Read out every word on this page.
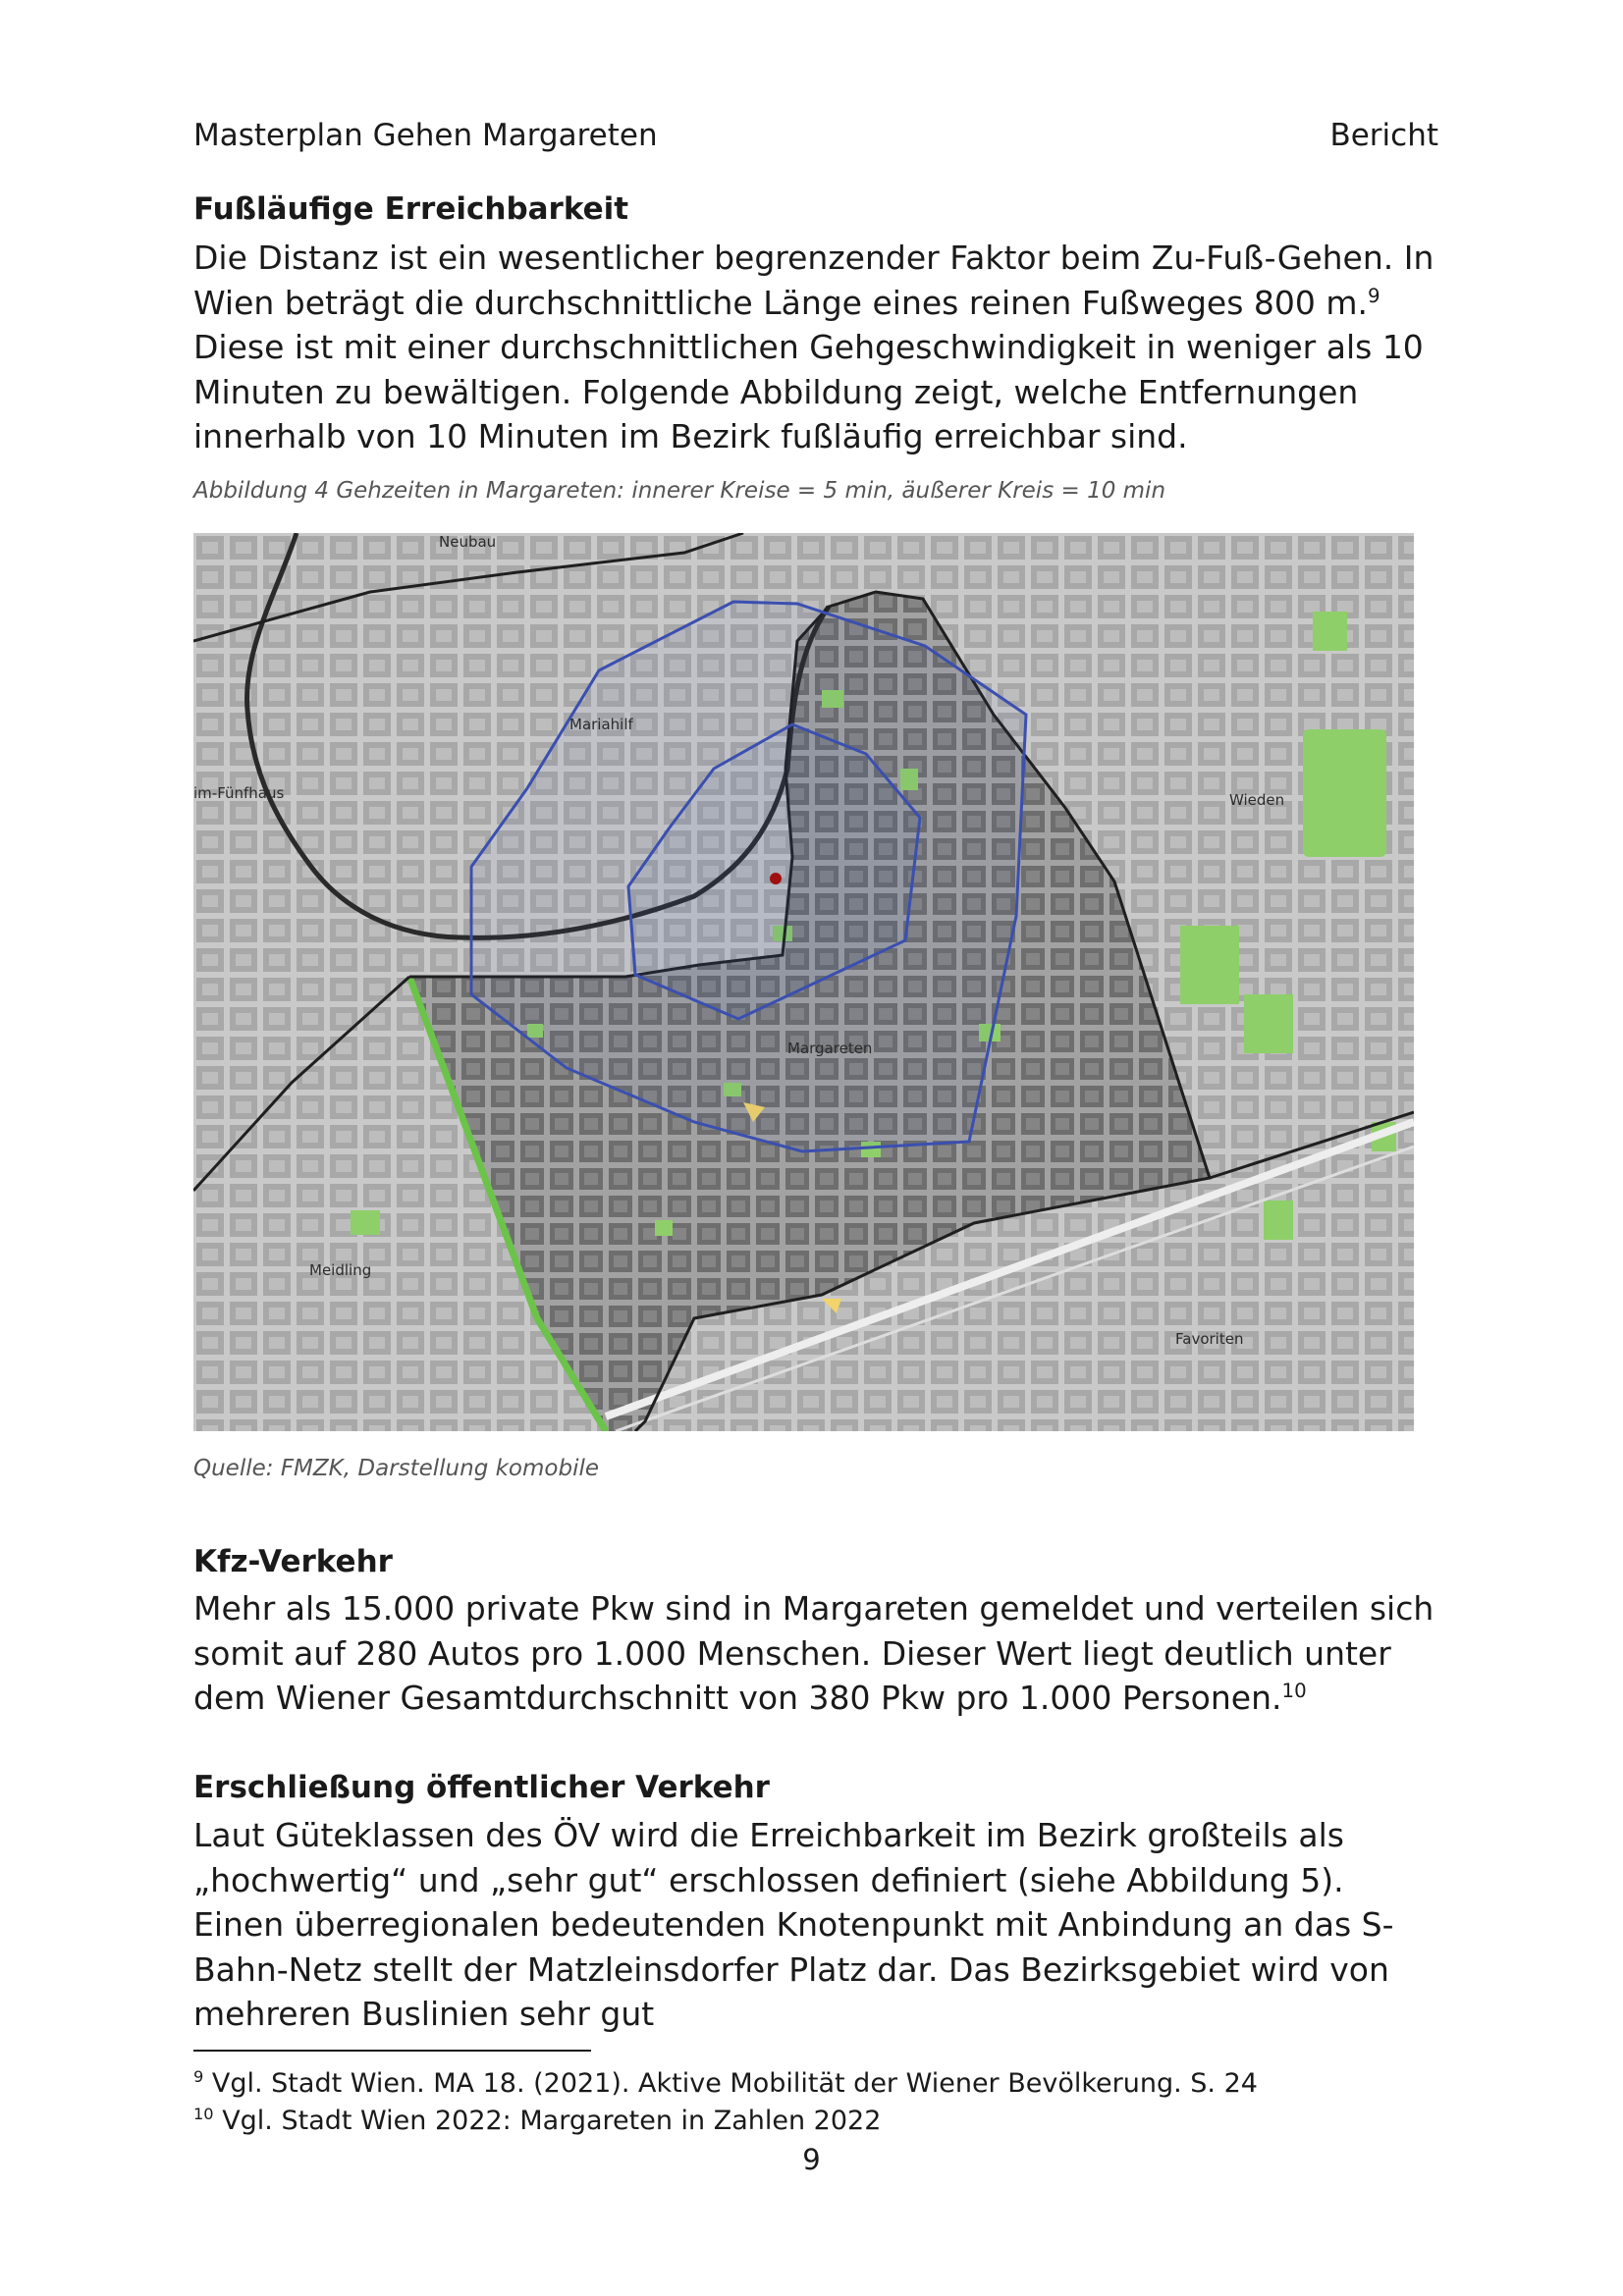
Masterplan Gehen Margareten	Bericht
Fußläufige Erreichbarkeit

Die Distanz ist ein wesentlicher begrenzender Faktor beim Zu-Fuß-Gehen. In Wien beträgt die durchschnittliche Länge eines reinen Fußweges 800 m.$^9$ Diese ist mit einer durchschnittlichen Gehgeschwindigkeit in weniger als 10 Minuten zu bewältigen. Folgende Abbildung zeigt, welche Entfernungen innerhalb von 10 Minuten im Bezirk fußläufig erreichbar sind.

Abbildung 4 Gehzeiten in Margareten: innerer Kreise = 5 min, äußerer Kreis = 10 min
Neubau
Mariahilf
im-Fünfhaus	Wieden
Margareten
Meidling
Favoriten
Quelle: FMZK, Darstellung komobile
Kfz-Verkehr

Mehr als 15.000 private Pkw sind in Margareten gemeldet und verteilen sich somit auf 280 Autos pro 1.000 Menschen. Dieser Wert liegt deutlich unter dem Wiener Gesamtdurchschnitt von 380 Pkw pro 1.000 Personen.$^{10}$

Erschließung öffentlicher Verkehr

Laut Güteklassen des ÖV wird die Erreichbarkeit im Bezirk großteils als „hochwertig“ und „sehr gut“ erschlossen definiert (siehe Abbildung 5). Einen überregionalen bedeutenden Knotenpunkt mit Anbindung an das S-Bahn-Netz stellt der Matzleinsdorfer Platz dar. Das Bezirksgebiet wird von mehreren Buslinien sehr gut

$^9$ Vgl. Stadt Wien. MA 18. (2021). Aktive Mobilität der Wiener Bevölkerung. S. 24
$^{10}$ Vgl. Stadt Wien 2022: Margareten in Zahlen 2022
9
